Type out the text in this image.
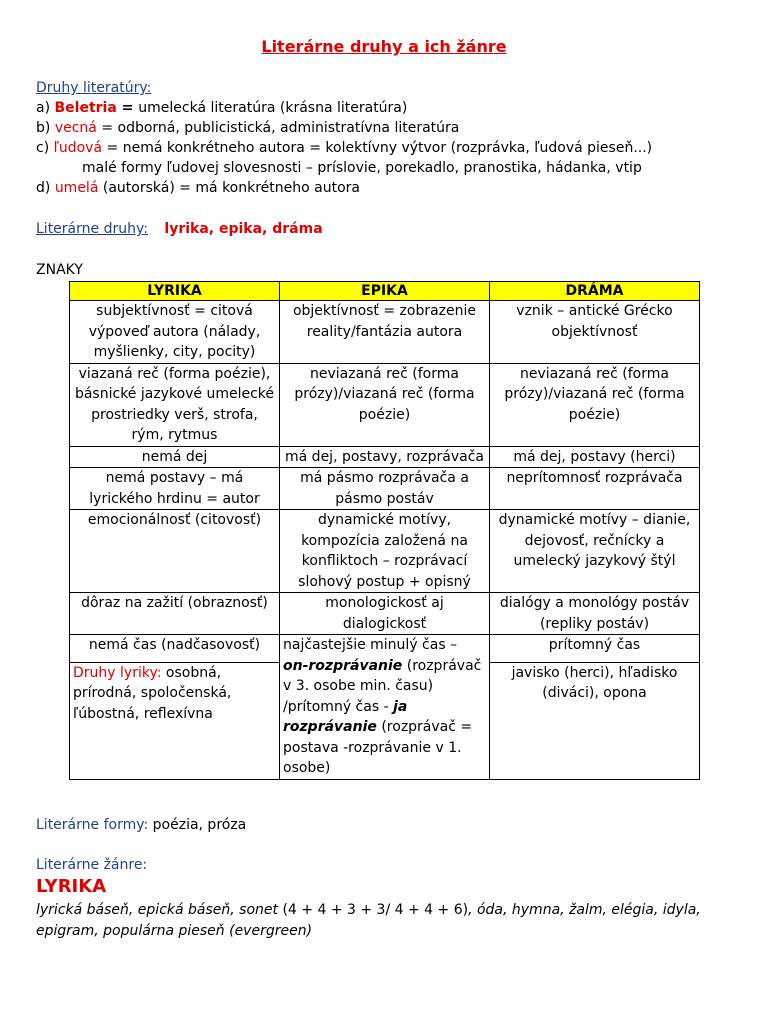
Literárne druhy a ich žánre
Druhy literatúry:
a) Beletria = umelecká literatúra (krásna literatúra)
b) vecná = odborná, publicistická, administratívna literatúra
c) ľudová = nemá konkrétneho autora = kolektívny výtvor (rozprávka, ľudová pieseň...)
malé formy ľudovej slovesnosti – príslovie, porekadlo, pranostika, hádanka, vtip
d) umelá (autorská) = má konkrétneho autora
Literárne druhy: lyrika, epika, dráma
ZNAKY
LYRIKA	EPIKA	DRÁMA
subjektívnosť = citová výpoveď autora (nálady, myšlienky, city, pocity)	objektívnosť = zobrazenie reality/fantázia autora	vznik – antické Grécko objektívnosť
viazaná reč (forma poézie), básnické jazykové umelecké prostriedky verš, strofa, rým, rytmus	neviazaná reč (forma prózy)/viazaná reč (forma poézie)	neviazaná reč (forma prózy)/viazaná reč (forma poézie)
nemá dej	má dej, postavy, rozprávača	má dej, postavy (herci)
nemá postavy – má lyrického hrdinu = autor	má pásmo rozprávača a pásmo postáv	neprítomnosť rozprávača
emocionálnosť (citovosť)	dynamické motívy, kompozícia založená na konfliktoch – rozprávací slohový postup + opisný	dynamické motívy – dianie, dejovosť, rečnícky a umelecký jazykový štýl
dôraz na zažití (obraznosť)	monologickosť aj dialogickosť	dialógy a monológy postáv (repliky postáv)
nemá čas (nadčasovosť)	najčastejšie minulý čas – on-rozprávanie (rozprávač v 3. osobe min. času) /prítomný čas - ja rozprávanie (rozprávač = postava -rozprávanie v 1. osobe)	prítomný čas
Druhy lyriky: osobná, prírodná, spoločenská, ľúbostná, reflexívna		javisko (herci), hľadisko (diváci), opona
Literárne formy: poézia, próza
Literárne žánre:
LYRIKA
lyrická báseň, epická báseň, sonet (4 + 4 + 3 + 3/ 4 + 4 + 6), óda, hymna, žalm, elégia, idyla, epigram, populárna pieseň (evergreen)
